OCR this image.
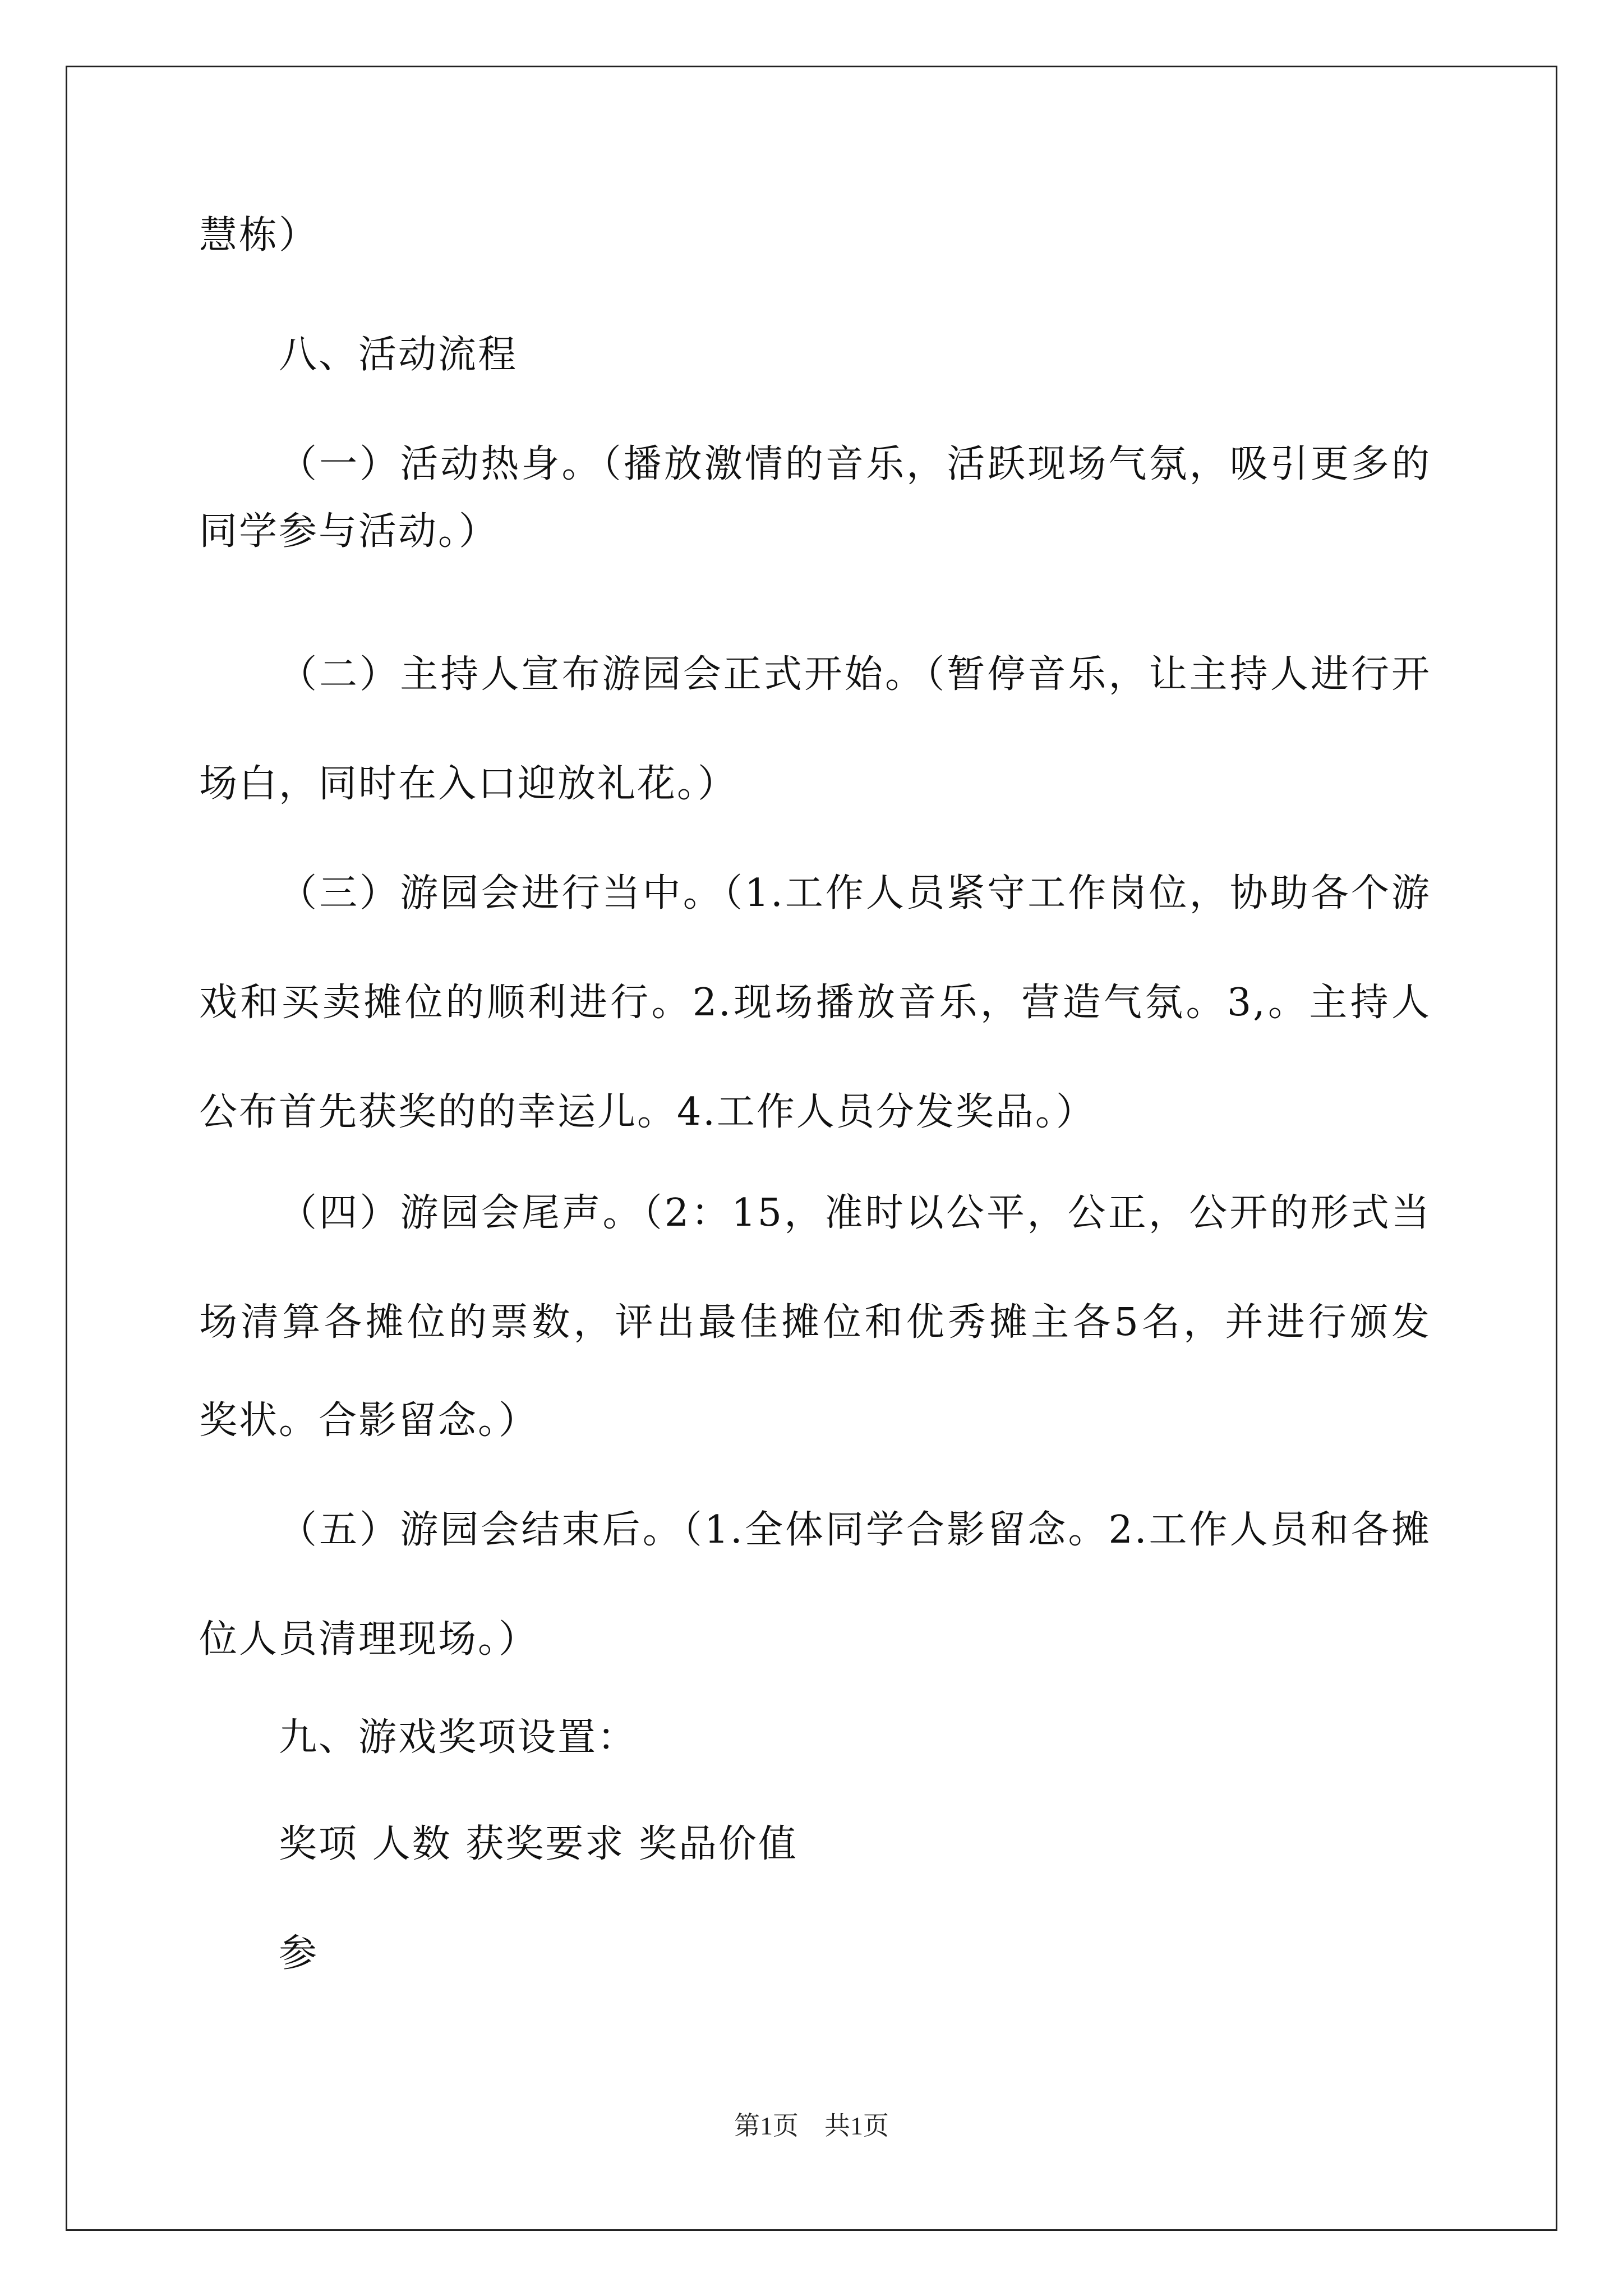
慧栋）
八、活动流程
（一）活动热身。（播放激情的音乐，活跃现场气氛，吸引更多的
同学参与活动。）
（二）主持人宣布游园会正式开始。（暂停音乐，让主持人进行开
场白，同时在入口迎放礼花。）
（三）游园会进行当中。（1.工作人员紧守工作岗位，协助各个游
戏和买卖摊位的顺利进行。2.现场播放音乐，营造气氛。3,。主持人
公布首先获奖的的幸运儿。4.工作人员分发奖品。）
（四）游园会尾声。（2：15，准时以公平，公正，公开的形式当
场清算各摊位的票数，评出最佳摊位和优秀摊主各5名，并进行颁发
奖状。合影留念。）
（五）游园会结束后。（1.全体同学合影留念。2.工作人员和各摊
位人员清理现场。）
九、游戏奖项设置：
奖项 人数 获奖要求 奖品价值
参
第1页　共1页
